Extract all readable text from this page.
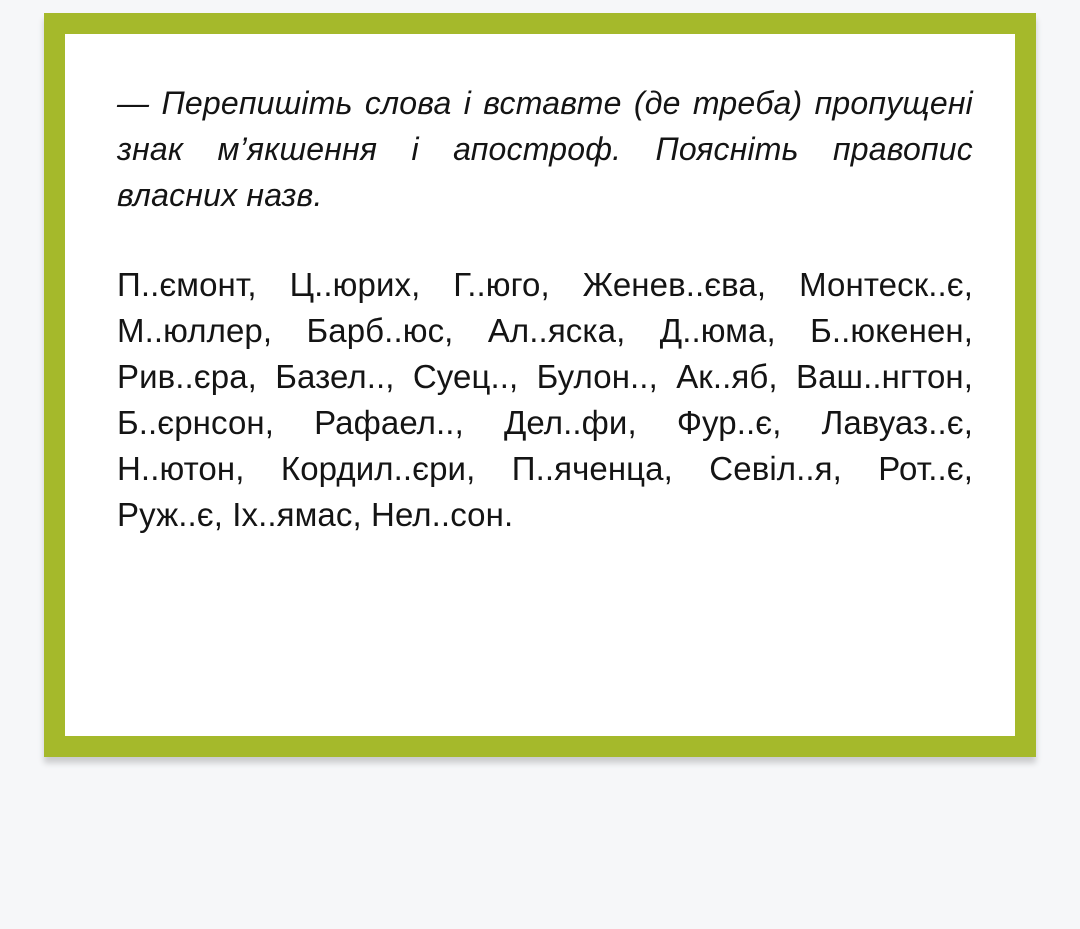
— Перепишіть слова і вставте (де треба) пропущені знак м’якшення і апостроф. Поясніть правопис власних назв.

П..ємонт, Ц..юрих, Г..юго, Женев..єва, Монтеск..є, М..юллер, Барб..юс, Ал..яска, Д..юма, Б..юкенен, Рив..єра, Базел.., Суец.., Булон.., Ак..яб, Ваш..нгтон, Б..єрнсон, Рафаел.., Дел..фи, Фур..є, Лавуаз..є, Н..ютон, Кордил..єри, П..яченца, Севіл..я, Рот..є, Руж..є, Іх..ямас, Нел..сон.
